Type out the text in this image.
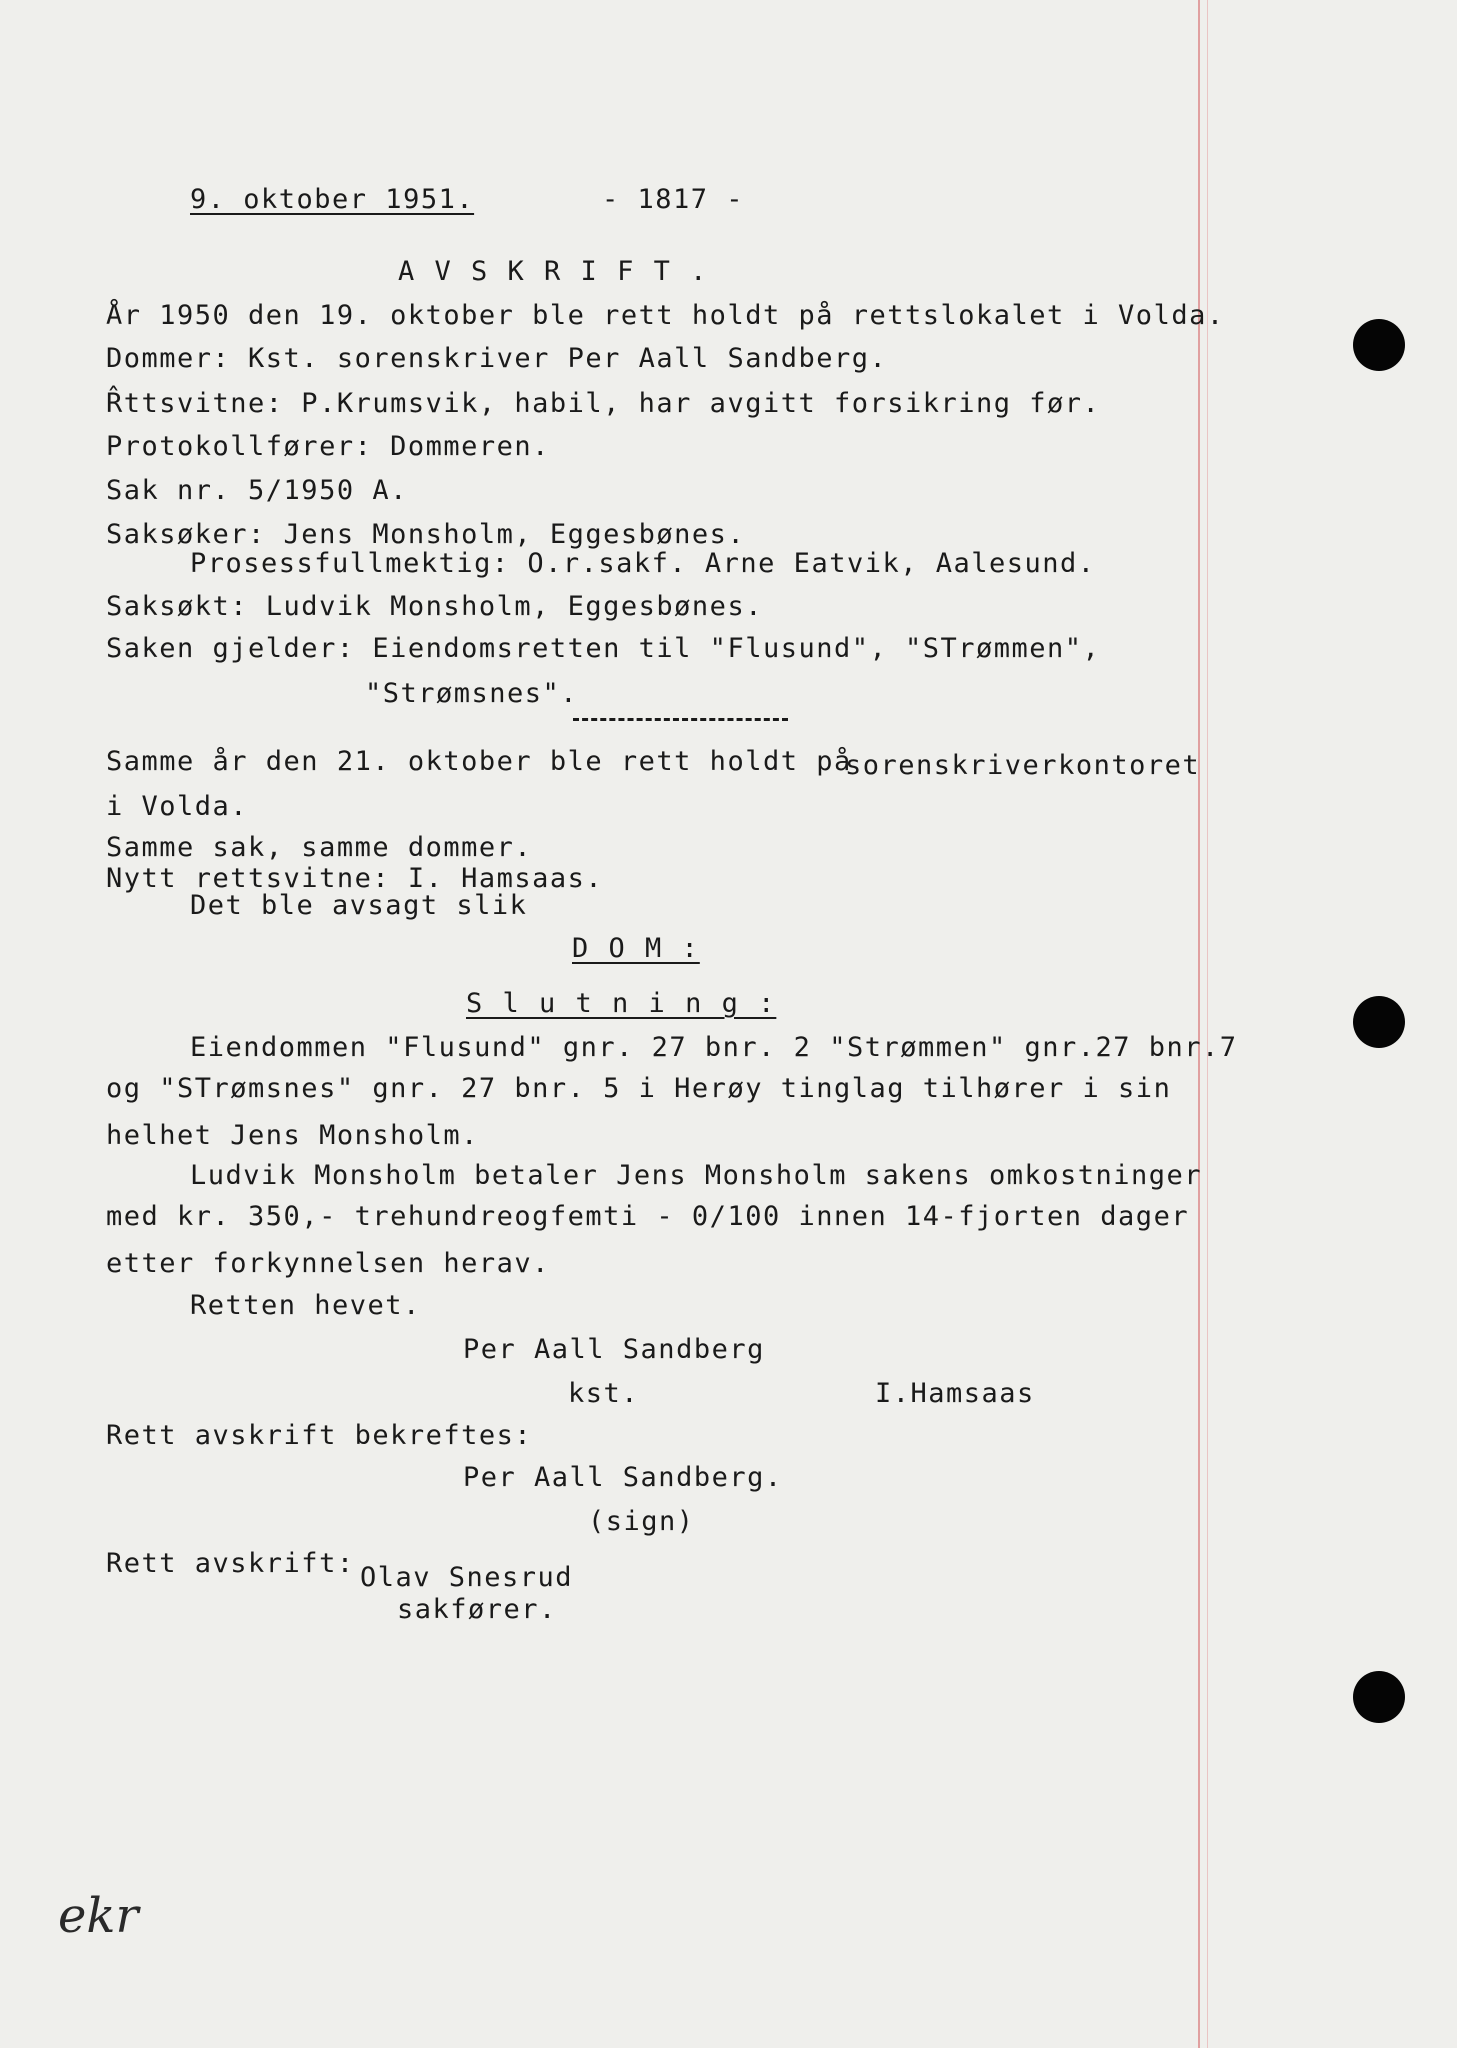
9. oktober 1951.	- 1817 -
A V S K R I F T .
År 1950 den 19. oktober ble rett holdt på rettslokalet i Volda.
Dommer: Kst. sorenskriver Per Aall Sandberg.
R̂ttsvitne: P.Krumsvik, habil, har avgitt forsikring før.
Protokollfører: Dommeren.
Sak nr. 5/1950 A.
Saksøker: Jens Monsholm, Eggesbønes.
Prosessfullmektig: O.r.sakf. Arne Eatvik, Aalesund.
Saksøkt: Ludvik Monsholm, Eggesbønes.
Saken gjelder: Eiendomsretten til "Flusund", "STrømmen",
"Strømsnes".
Samme år den 21. oktober ble rett holdt på
sorenskriverkontoret
i Volda.
Samme sak, samme dommer.
Nytt rettsvitne: I. Hamsaas.
Det ble avsagt slik
D O M :
S l u t n i n g :
Eiendommen "Flusund" gnr. 27 bnr. 2 "Strømmen" gnr.27 bnr.7
og "STrømsnes" gnr. 27 bnr. 5 i Herøy tinglag tilhører i sin
helhet Jens Monsholm.
Ludvik Monsholm betaler Jens Monsholm sakens omkostninger
med kr. 350,- trehundreogfemti - 0/100 innen 14-fjorten dager
etter forkynnelsen herav.
Retten hevet.
Per Aall Sandberg
kst.	I.Hamsaas
Rett avskrift bekreftes:
Per Aall Sandberg.
(sign)
Rett avskrift: Olav Snesrud
sakfører.
ekr
